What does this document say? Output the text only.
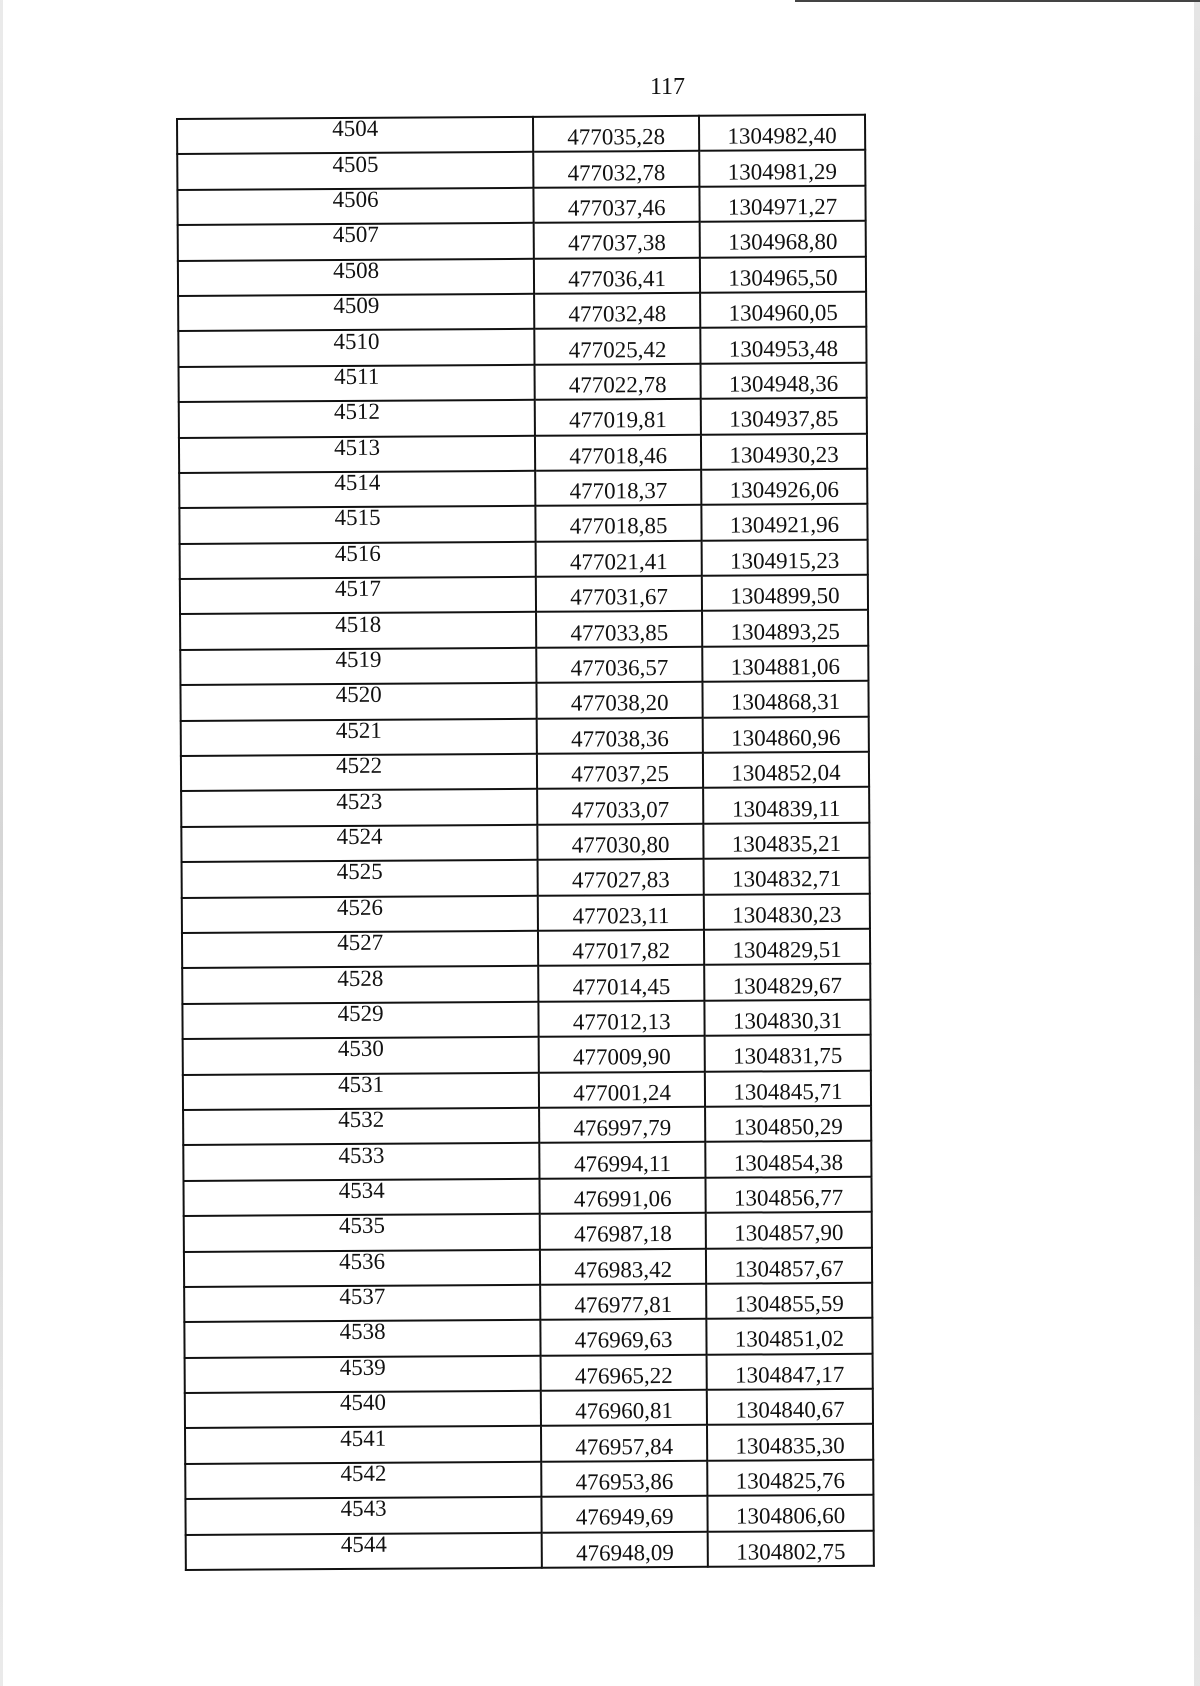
117
4504	477035,28	1304982,40
4505	477032,78	1304981,29
4506	477037,46	1304971,27
4507	477037,38	1304968,80
4508	477036,41	1304965,50
4509	477032,48	1304960,05
4510	477025,42	1304953,48
4511	477022,78	1304948,36
4512	477019,81	1304937,85
4513	477018,46	1304930,23
4514	477018,37	1304926,06
4515	477018,85	1304921,96
4516	477021,41	1304915,23
4517	477031,67	1304899,50
4518	477033,85	1304893,25
4519	477036,57	1304881,06
4520	477038,20	1304868,31
4521	477038,36	1304860,96
4522	477037,25	1304852,04
4523	477033,07	1304839,11
4524	477030,80	1304835,21
4525	477027,83	1304832,71
4526	477023,11	1304830,23
4527	477017,82	1304829,51
4528	477014,45	1304829,67
4529	477012,13	1304830,31
4530	477009,90	1304831,75
4531	477001,24	1304845,71
4532	476997,79	1304850,29
4533	476994,11	1304854,38
4534	476991,06	1304856,77
4535	476987,18	1304857,90
4536	476983,42	1304857,67
4537	476977,81	1304855,59
4538	476969,63	1304851,02
4539	476965,22	1304847,17
4540	476960,81	1304840,67
4541	476957,84	1304835,30
4542	476953,86	1304825,76
4543	476949,69	1304806,60
4544	476948,09	1304802,75
